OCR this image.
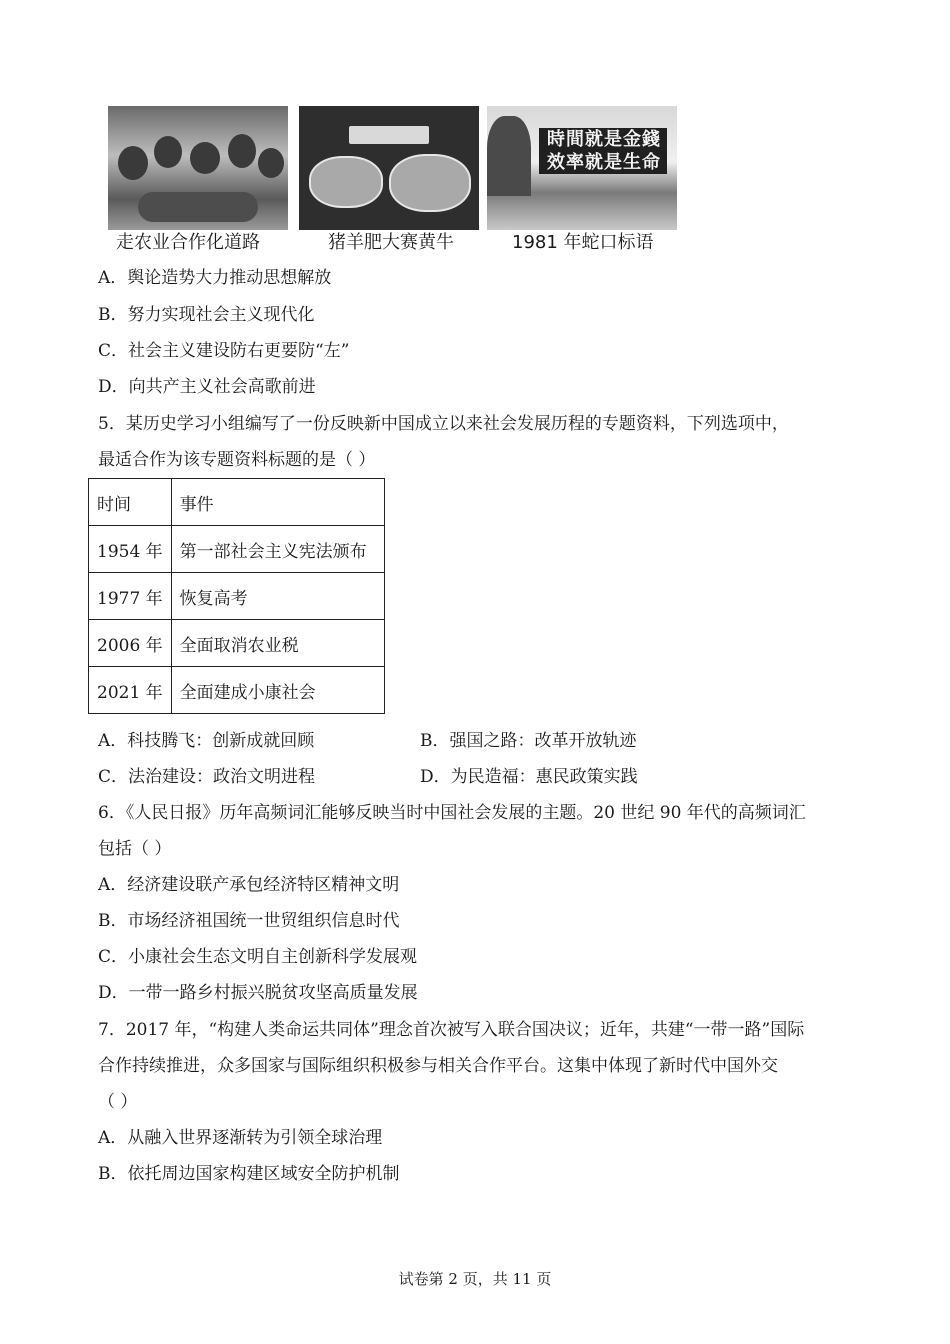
時間就是金錢
效率就是生命
走农业合作化道路	猪羊肥大赛黄牛	1981 年蛇口标语
A．舆论造势大力推动思想解放
B．努力实现社会主义现代化
C．社会主义建设防右更要防“左”
D．向共产主义社会高歌前进
5．某历史学习小组编写了一份反映新中国成立以来社会发展历程的专题资料，下列选项中，
最适合作为该专题资料标题的是（ ）
时间	事件
1954 年	第一部社会主义宪法颁布
1977 年	恢复高考
2006 年	全面取消农业税
2021 年	全面建成小康社会
A．科技腾飞：创新成就回顾	B．强国之路：改革开放轨迹
C．法治建设：政治文明进程	D．为民造福：惠民政策实践
6．《人民日报》历年高频词汇能够反映当时中国社会发展的主题。20 世纪 90 年代的高频词汇
包括（ ）
A．经济建设联产承包经济特区精神文明
B．市场经济祖国统一世贸组织信息时代
C．小康社会生态文明自主创新科学发展观
D．一带一路乡村振兴脱贫攻坚高质量发展
7．2017 年，“构建人类命运共同体”理念首次被写入联合国决议；近年，共建“一带一路”国际
合作持续推进，众多国家与国际组织积极参与相关合作平台。这集中体现了新时代中国外交
（ ）
A．从融入世界逐渐转为引领全球治理
B．依托周边国家构建区域安全防护机制
试卷第 2 页，共 11 页
